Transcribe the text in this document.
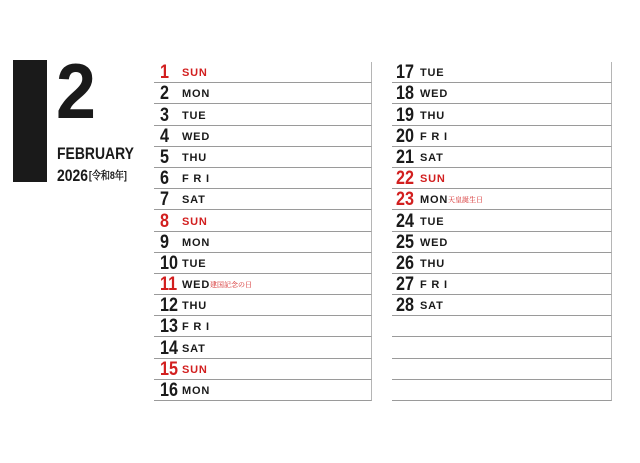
2
FEBRUARY
2026[令和8年]
1 SUN
2 MON
3 TUE
4 WED
5 THU
6 F R I
7 SAT
8 SUN
9 MON
10 TUE
11 WED 建国記念の日
12 THU
13 F R I
14 SAT
15 SUN
16 MON
17 TUE
18 WED
19 THU
20 F R I
21 SAT
22 SUN
23 MON 天皇誕生日
24 TUE
25 WED
26 THU
27 F R I
28 SAT
